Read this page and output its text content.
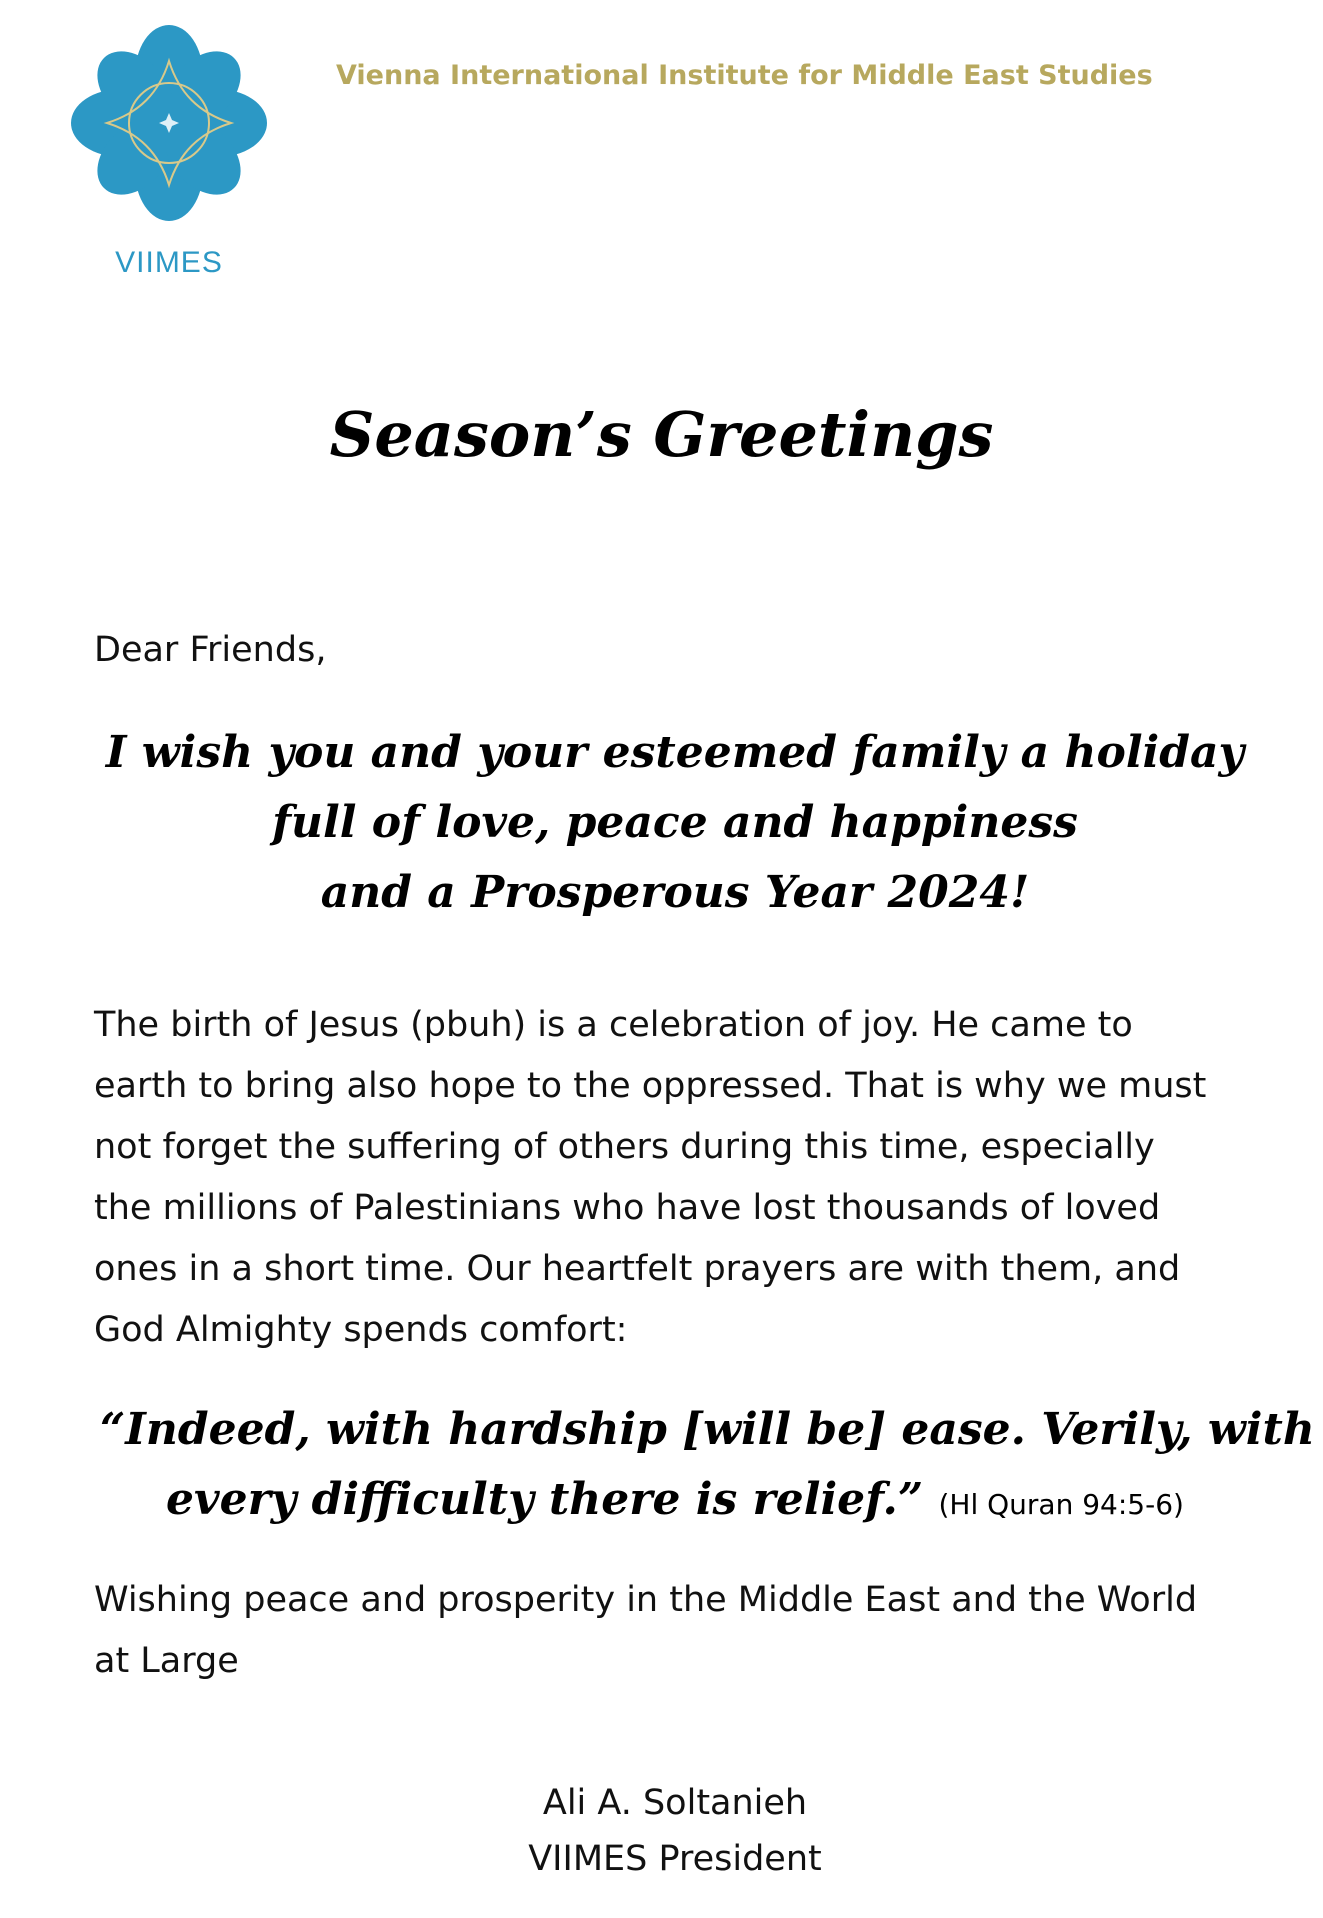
VIIMES
Vienna International Institute for Middle East Studies
Season’s Greetings
Dear Friends,
I wish you and your esteemed family a holiday
full of love, peace and happiness
and a Prosperous Year 2024!
The birth of Jesus (pbuh) is a celebration of joy. He came to
earth to bring also hope to the oppressed. That is why we must
not forget the suffering of others during this time, especially
the millions of Palestinians who have lost thousands of loved
ones in a short time. Our heartfelt prayers are with them, and
God Almighty spends comfort:
“Indeed, with hardship [will be] ease. Verily, with
every difficulty there is relief.” (Hl Quran 94:5-6)
Wishing peace and prosperity in the Middle East and the World
at Large
Ali A. Soltanieh
VIIMES President
